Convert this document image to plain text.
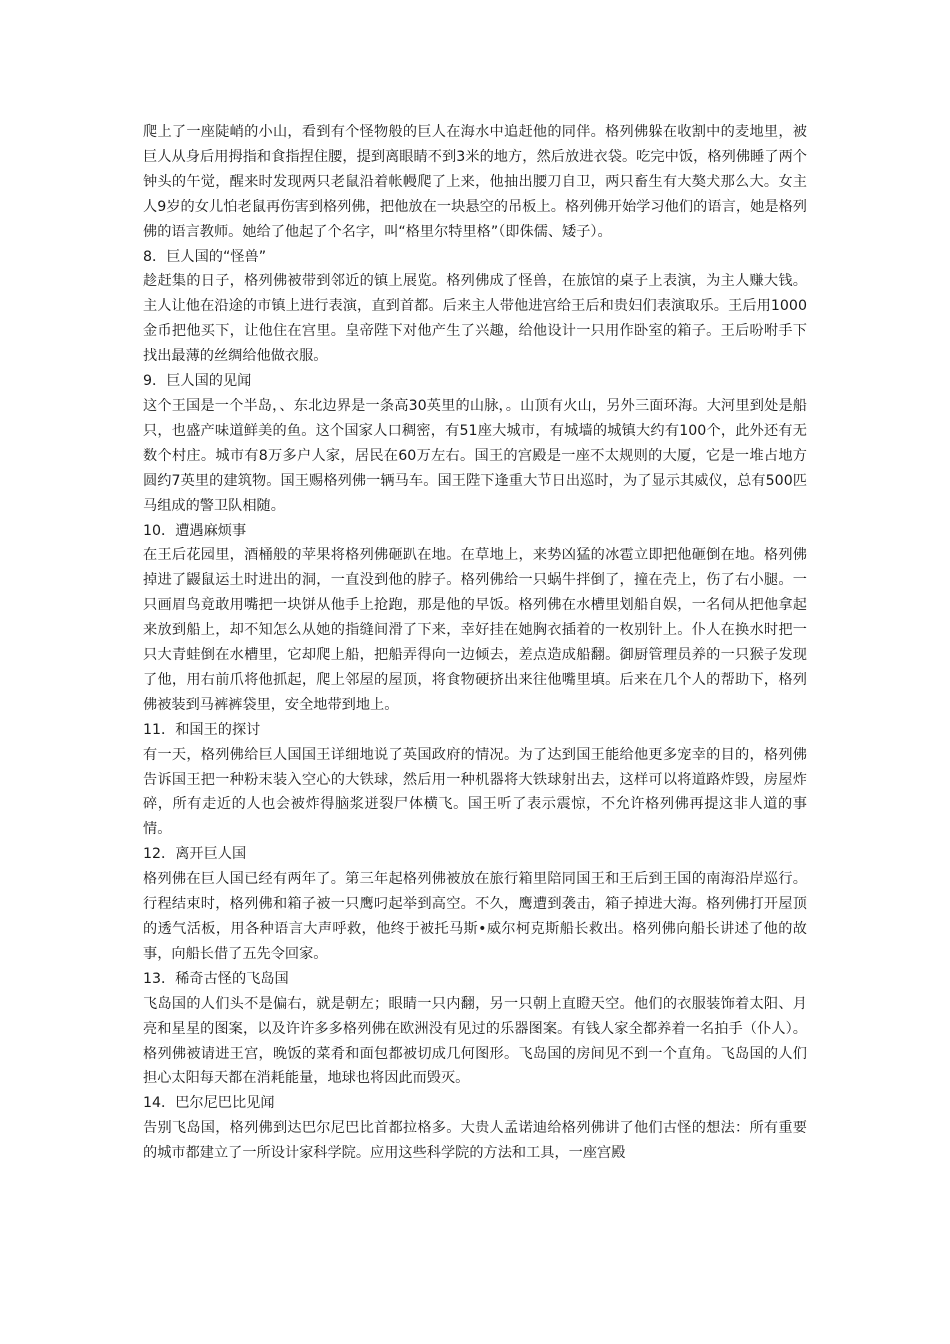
爬上了一座陡峭的小山，看到有个怪物般的巨人在海水中追赶他的同伴。格列佛躲在收割中的麦地里，被巨人从身后用拇指和食指捏住腰，提到离眼睛不到3米的地方，然后放进衣袋。吃完中饭，格列佛睡了两个钟头的午觉，醒来时发现两只老鼠沿着帐幔爬了上来，他抽出腰刀自卫，两只畜生有大獒犬那么大。女主人9岁的女儿怕老鼠再伤害到格列佛，把他放在一块悬空的吊板上。格列佛开始学习他们的语言，她是格列佛的语言教师。她给了他起了个名字，叫“格里尔特里格”（即侏儒、矮子）。

8．巨人国的“怪兽”

趁赶集的日子，格列佛被带到邻近的镇上展览。格列佛成了怪兽，在旅馆的桌子上表演，为主人赚大钱。主人让他在沿途的市镇上进行表演，直到首都。后来主人带他进宫给王后和贵妇们表演取乐。王后用1000金币把他买下，让他住在宫里。皇帝陛下对他产生了兴趣，给他设计一只用作卧室的箱子。王后吩咐手下找出最薄的丝绸给他做衣服。

9．巨人国的见闻

这个王国是一个半岛，、东北边界是一条高30英里的山脉，。山顶有火山，另外三面环海。大河里到处是船只，也盛产味道鲜美的鱼。这个国家人口稠密，有51座大城市，有城墙的城镇大约有100个，此外还有无数个村庄。城市有8万多户人家，居民在60万左右。国王的宫殿是一座不太规则的大厦，它是一堆占地方圆约7英里的建筑物。国王赐格列佛一辆马车。国王陛下逢重大节日出巡时，为了显示其威仪，总有500匹马组成的警卫队相随。

10．遭遇麻烦事

在王后花园里，酒桶般的苹果将格列佛砸趴在地。在草地上，来势凶猛的冰雹立即把他砸倒在地。格列佛掉进了鼹鼠运土时进出的洞，一直没到他的脖子。格列佛给一只蜗牛拌倒了，撞在壳上，伤了右小腿。一只画眉鸟竟敢用嘴把一块饼从他手上抢跑，那是他的早饭。格列佛在水槽里划船自娱，一名伺从把他拿起来放到船上，却不知怎么从她的指缝间滑了下来，幸好挂在她胸衣插着的一枚别针上。仆人在换水时把一只大青蛙倒在水槽里，它却爬上船，把船弄得向一边倾去，差点造成船翻。御厨管理员养的一只猴子发现了他，用右前爪将他抓起，爬上邻屋的屋顶，将食物硬挤出来往他嘴里填。后来在几个人的帮助下，格列佛被装到马裤裤袋里，安全地带到地上。

11．和国王的探讨

有一天，格列佛给巨人国国王详细地说了英国政府的情况。为了达到国王能给他更多宠幸的目的，格列佛告诉国王把一种粉末装入空心的大铁球，然后用一种机器将大铁球射出去，这样可以将道路炸毁，房屋炸碎，所有走近的人也会被炸得脑浆迸裂尸体横飞。国王听了表示震惊，不允许格列佛再提这非人道的事情。

12．离开巨人国

格列佛在巨人国已经有两年了。第三年起格列佛被放在旅行箱里陪同国王和王后到王国的南海沿岸巡行。行程结束时，格列佛和箱子被一只鹰叼起举到高空。不久，鹰遭到袭击，箱子掉进大海。格列佛打开屋顶的透气活板，用各种语言大声呼救，他终于被托马斯•威尔柯克斯船长救出。格列佛向船长讲述了他的故事，向船长借了五先令回家。

13．稀奇古怪的飞岛国

飞岛国的人们头不是偏右，就是朝左；眼睛一只内翻，另一只朝上直瞪天空。他们的衣服装饰着太阳、月亮和星星的图案，以及许许多多格列佛在欧洲没有见过的乐器图案。有钱人家全都养着一名拍手（仆人）。格列佛被请进王宫，晚饭的菜肴和面包都被切成几何图形。飞岛国的房间见不到一个直角。飞岛国的人们担心太阳每天都在消耗能量，地球也将因此而毁灭。

14．巴尔尼巴比见闻

告别飞岛国，格列佛到达巴尔尼巴比首都拉格多。大贵人孟诺迪给格列佛讲了他们古怪的想法：所有重要的城市都建立了一所设计家科学院。应用这些科学院的方法和工具，一座宫殿
